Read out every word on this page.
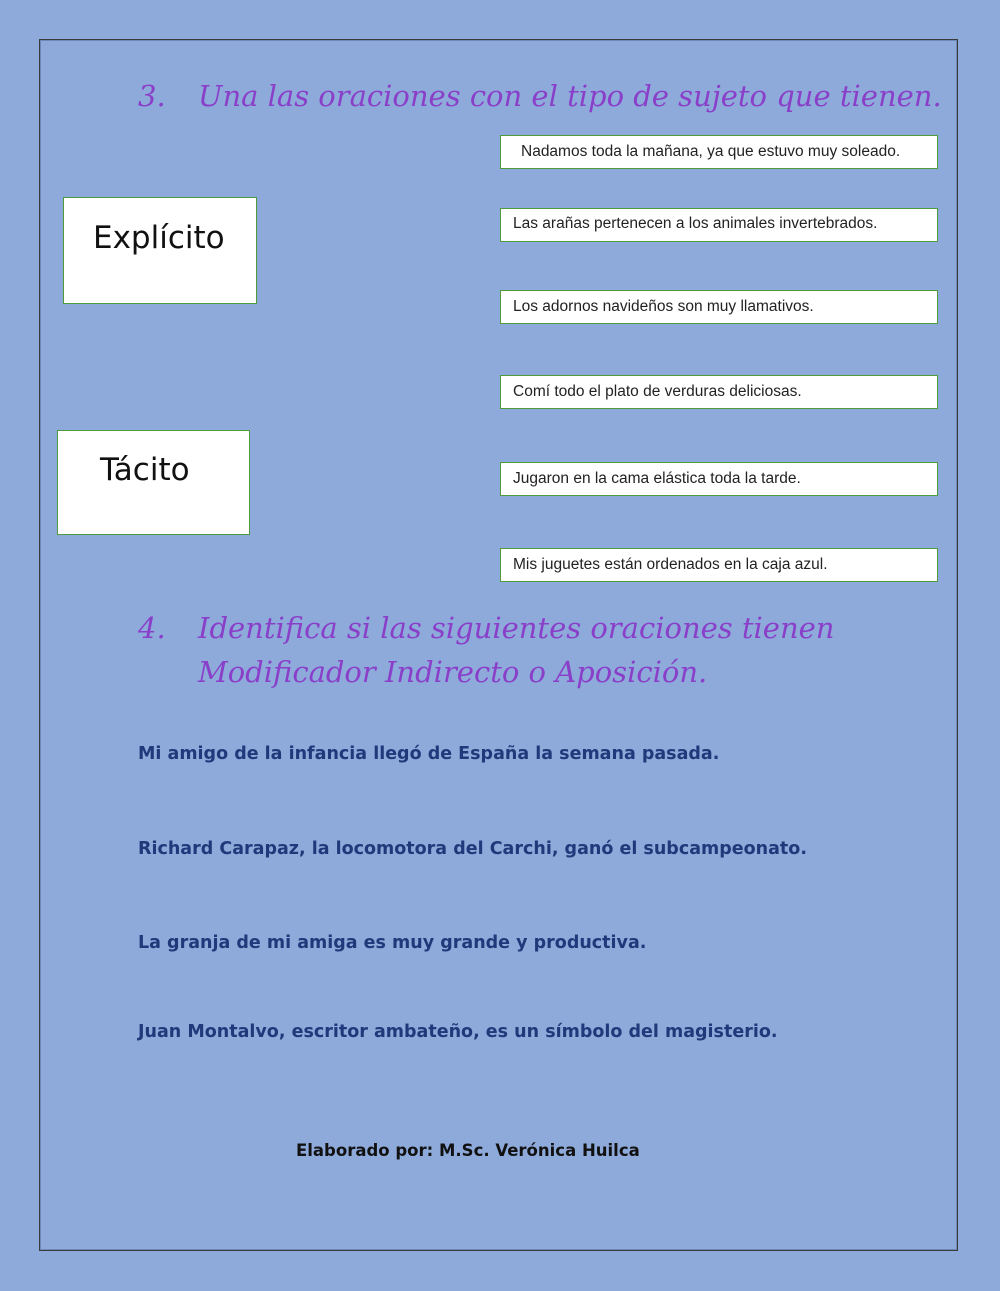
3. Una las oraciones con el tipo de sujeto que tienen.
Explícito
Tácito
Nadamos toda la mañana, ya que estuvo muy soleado.
Las arañas pertenecen a los animales invertebrados.
Los adornos navideños son muy llamativos.
Comí todo el plato de verduras deliciosas.
Jugaron en la cama elástica toda la tarde.
Mis juguetes están ordenados en la caja azul.
4. Identifica si las siguientes oraciones tienen Modificador Indirecto o Aposición.

Mi amigo de la infancia llegó de España la semana pasada.

Richard Carapaz, la locomotora del Carchi, ganó el subcampeonato.

La granja de mi amiga es muy grande y productiva.

Juan Montalvo, escritor ambateño, es un símbolo del magisterio.

Elaborado por: M.Sc. Verónica Huilca
